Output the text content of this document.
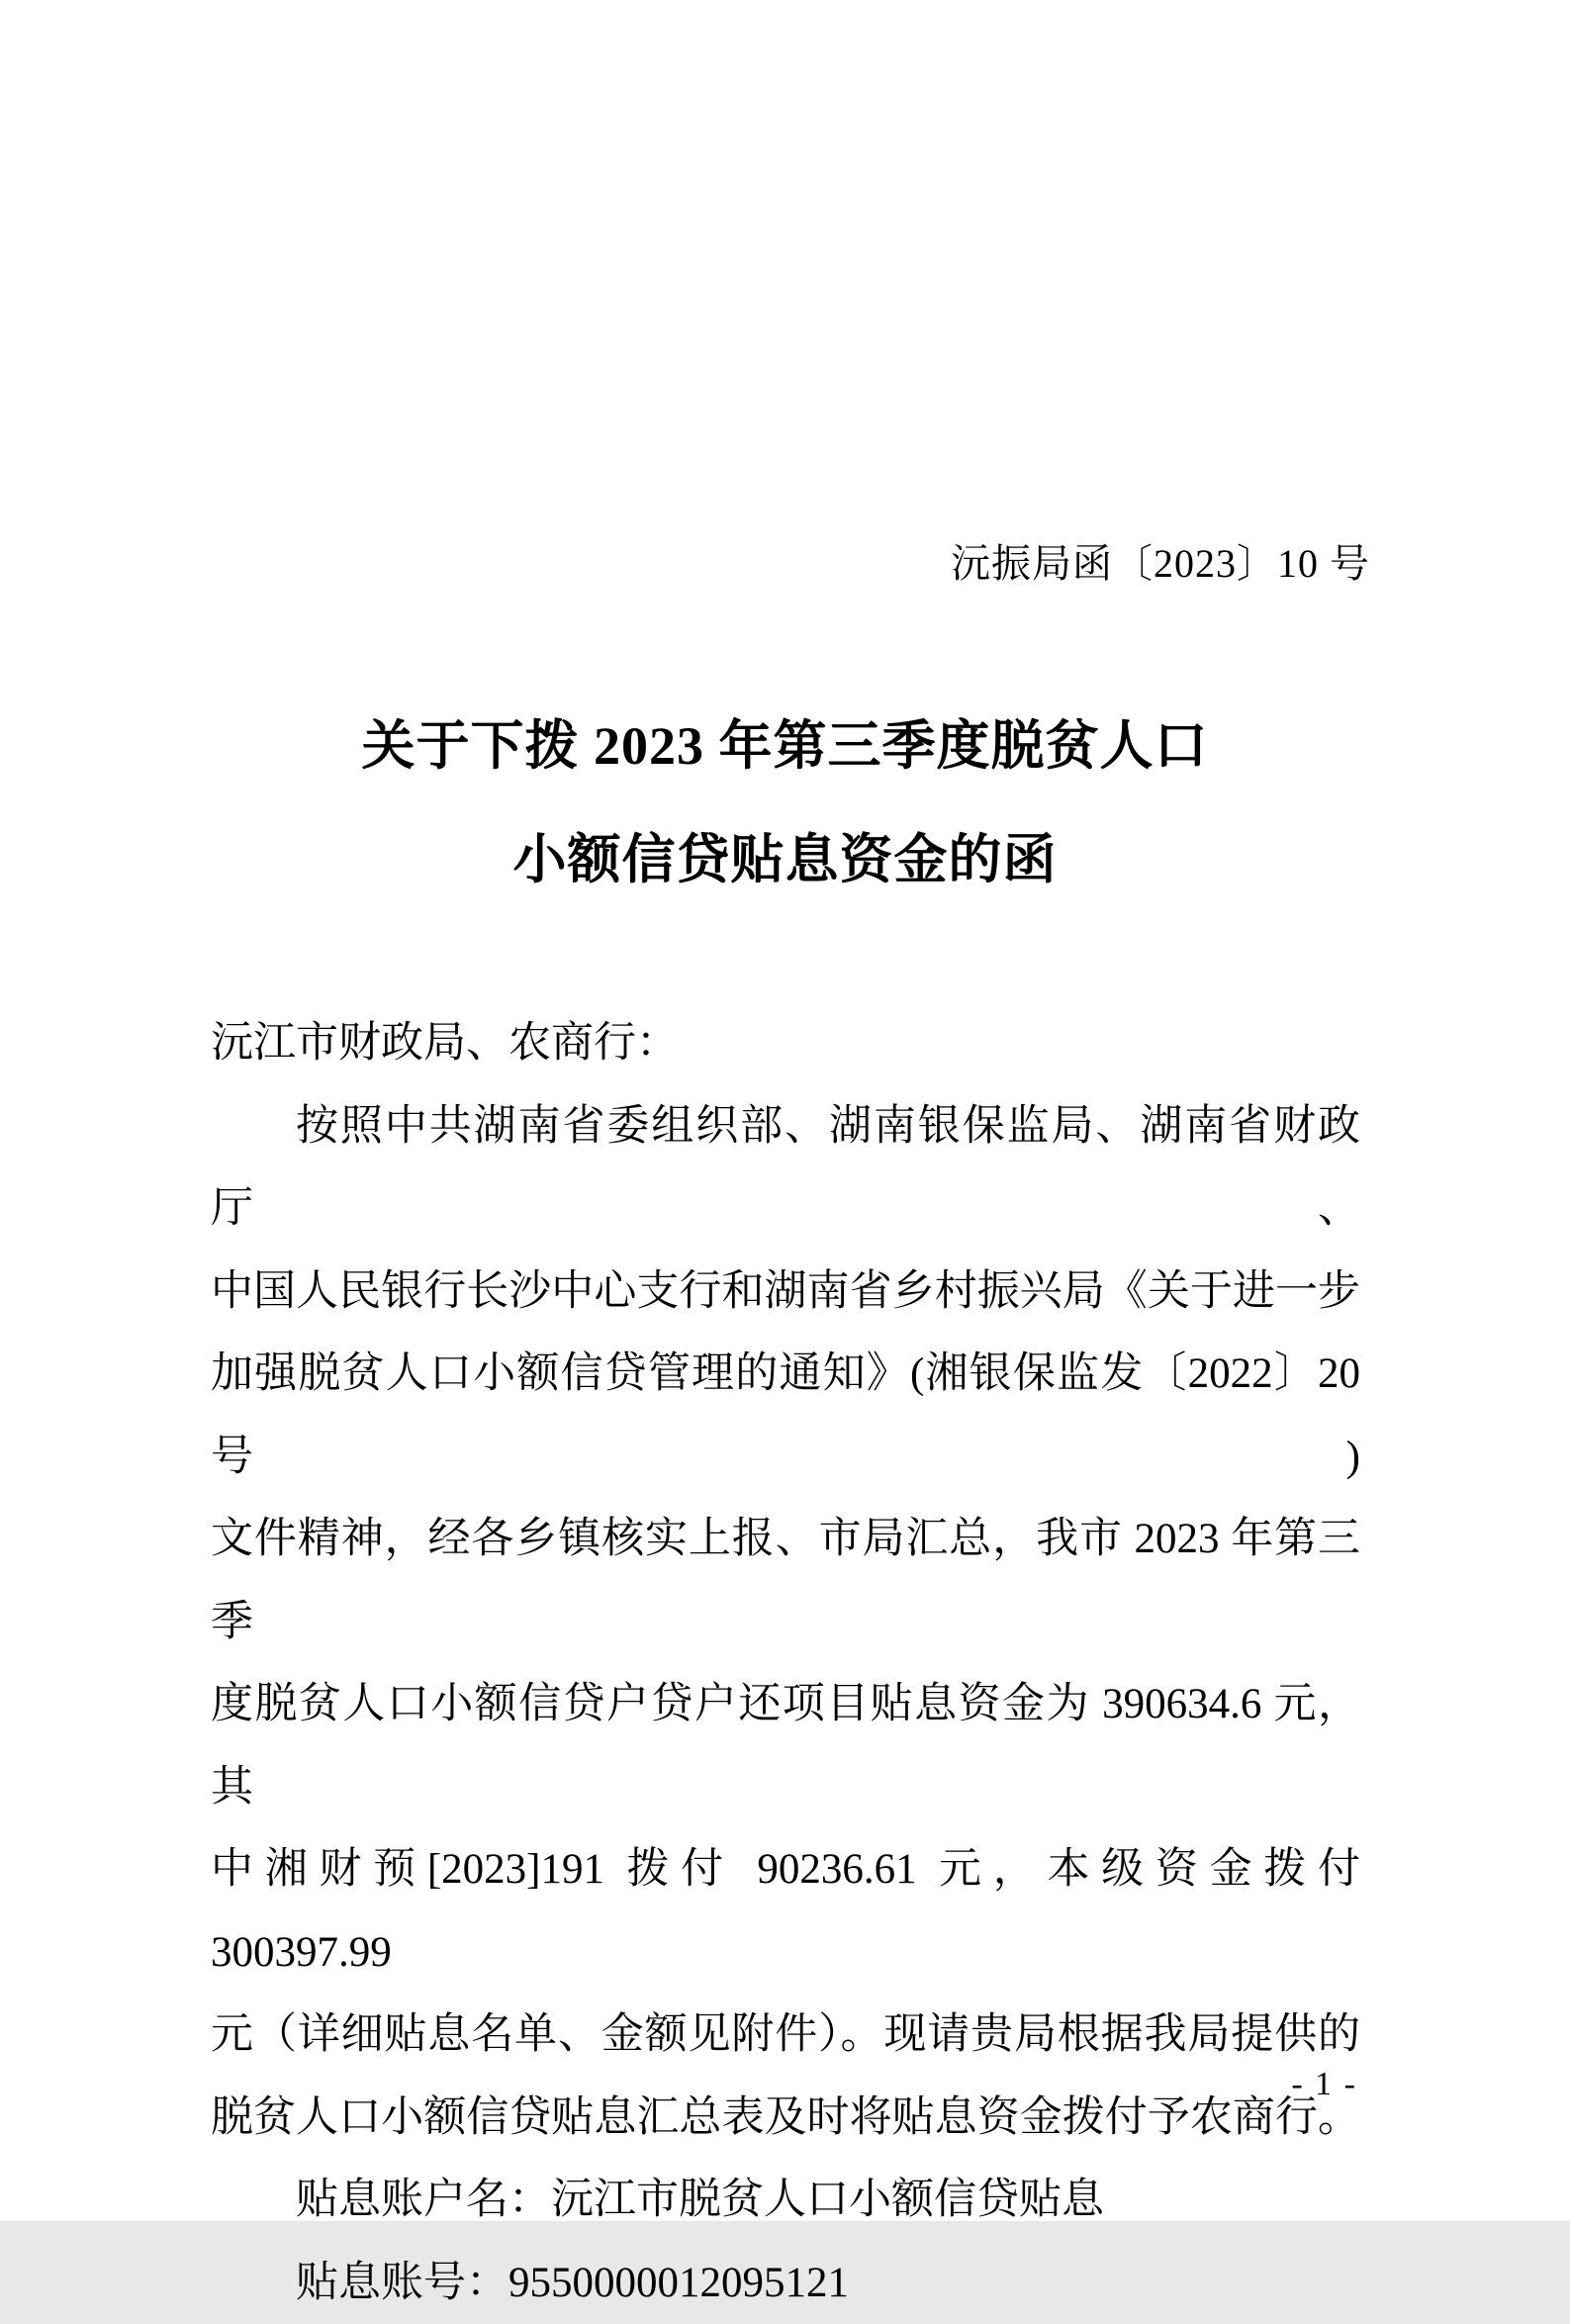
沅振局函〔2023〕10 号
关于下拨 2023 年第三季度脱贫人口
小额信贷贴息资金的函
沅江市财政局、农商行：
按照中共湖南省委组织部、湖南银保监局、湖南省财政厅、
中国人民银行长沙中心支行和湖南省乡村振兴局《关于进一步
加强脱贫人口小额信贷管理的通知》(湘银保监发〔2022〕20 号)
文件精神，经各乡镇核实上报、市局汇总，我市 2023 年第三季
度脱贫人口小额信贷户贷户还项目贴息资金为 390634.6 元，其
中湘财预[2023]191 拨付 90236.61 元，本级资金拨付 300397.99
元（详细贴息名单、金额见附件）。现请贵局根据我局提供的
脱贫人口小额信贷贴息汇总表及时将贴息资金拨付予农商行。
贴息账户名：沅江市脱贫人口小额信贷贴息
贴息账号：9550000012095121
- 1 -
